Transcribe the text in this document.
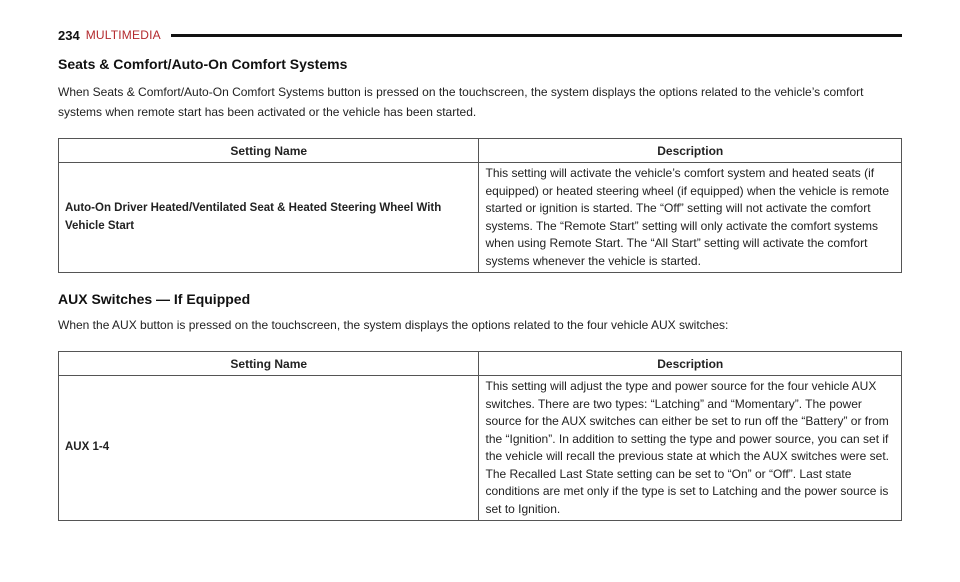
234 MULTIMEDIA
Seats & Comfort/Auto-On Comfort Systems

When Seats & Comfort/Auto-On Comfort Systems button is pressed on the touchscreen, the system displays the options related to the vehicle’s comfort systems when remote start has been activated or the vehicle has been started.

Setting Name	Description
Auto-On Driver Heated/Ventilated Seat & Heated Steering Wheel With Vehicle Start	This setting will activate the vehicle’s comfort system and heated seats (if equipped) or heated steering wheel (if equipped) when the vehicle is remote started or ignition is started. The “Off” setting will not activate the comfort systems. The “Remote Start” setting will only activate the comfort systems when using Remote Start. The “All Start” setting will activate the comfort systems whenever the vehicle is started.
AUX Switches — If Equipped

When the AUX button is pressed on the touchscreen, the system displays the options related to the four vehicle AUX switches:

Setting Name	Description
AUX 1-4	This setting will adjust the type and power source for the four vehicle AUX switches. There are two types: “Latching” and “Momentary”. The power source for the AUX switches can either be set to run off the “Battery” or from the “Ignition”. In addition to setting the type and power source, you can set if the vehicle will recall the previous state at which the AUX switches were set. The Recalled Last State setting can be set to “On” or “Off”. Last state conditions are met only if the type is set to Latching and the power source is set to Ignition.
